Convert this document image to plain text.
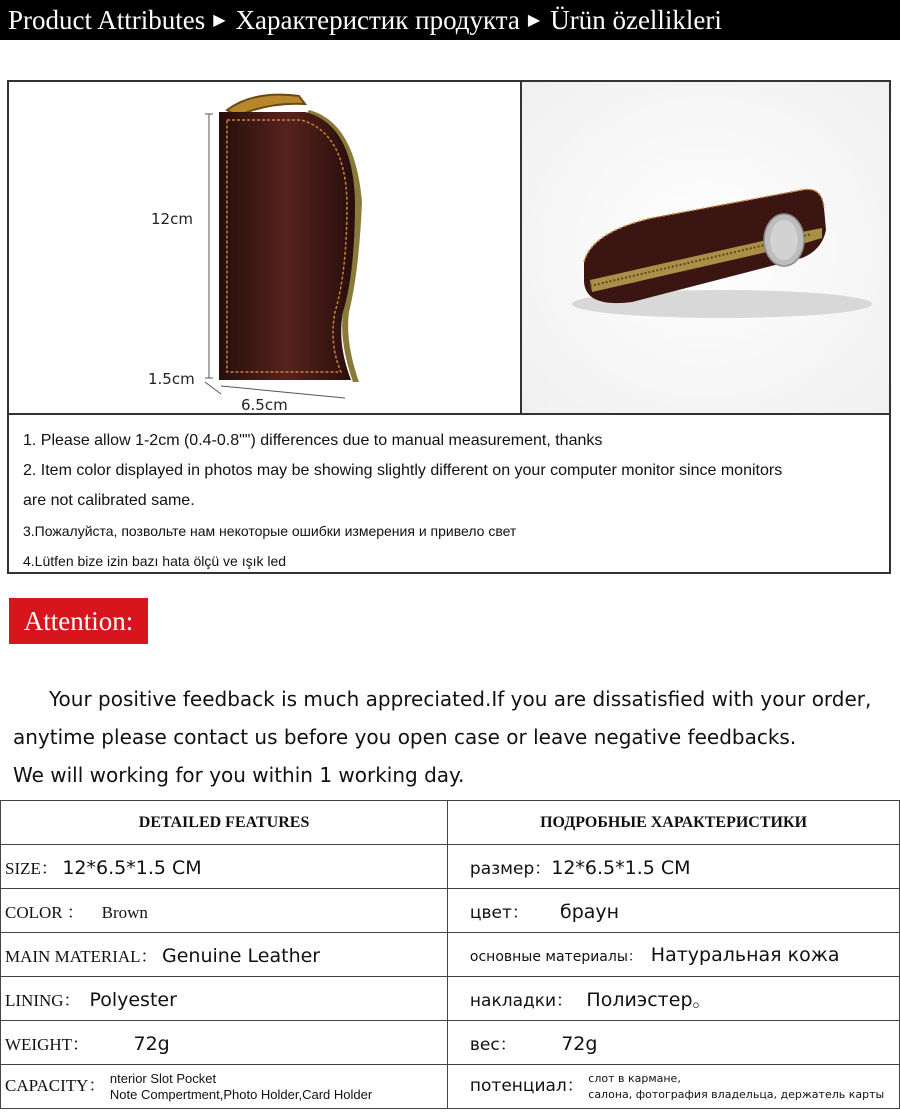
Product Attributes ▶ Характеристик продукта ▶ Ürün özellikleri
12cm
1.5cm
6.5cm
1. Please allow 1-2cm (0.4-0.8"") differences due to manual measurement, thanks
2. Item color displayed in photos may be showing slightly different on your computer monitor since monitors
are not calibrated same.
3.Пожалуйста, позвольте нам некоторые ошибки измерения и привело свет
4.Lütfen bize izin bazı hata ölçü ve ışık led
Attention:
Your positive feedback is much appreciated.If you are dissatisfied with your order,
anytime please contact us before you open case or leave negative feedbacks.
We will working for you within 1 working day.
DETAILED FEATURES	ПОДРОБНЫЕ ХАРАКТЕРИСТИКИ
SIZE： 12*6.5*1.5 CM	размер：12*6.5*1.5 CM
COLOR ： Brown	цвет： браун
MAIN MATERIAL： Genuine Leather	основные материалы： Натуральная кожа
LINING： Polyester	накладки： Полиэстер。
WEIGHT： 72g	вес： 72g
CAPACITY： nterior Slot Pocket
Note Compertment,Photo Holder,Card Holder	потенциал： слот в кармане,
салона, фотография владельца, держатель карты
